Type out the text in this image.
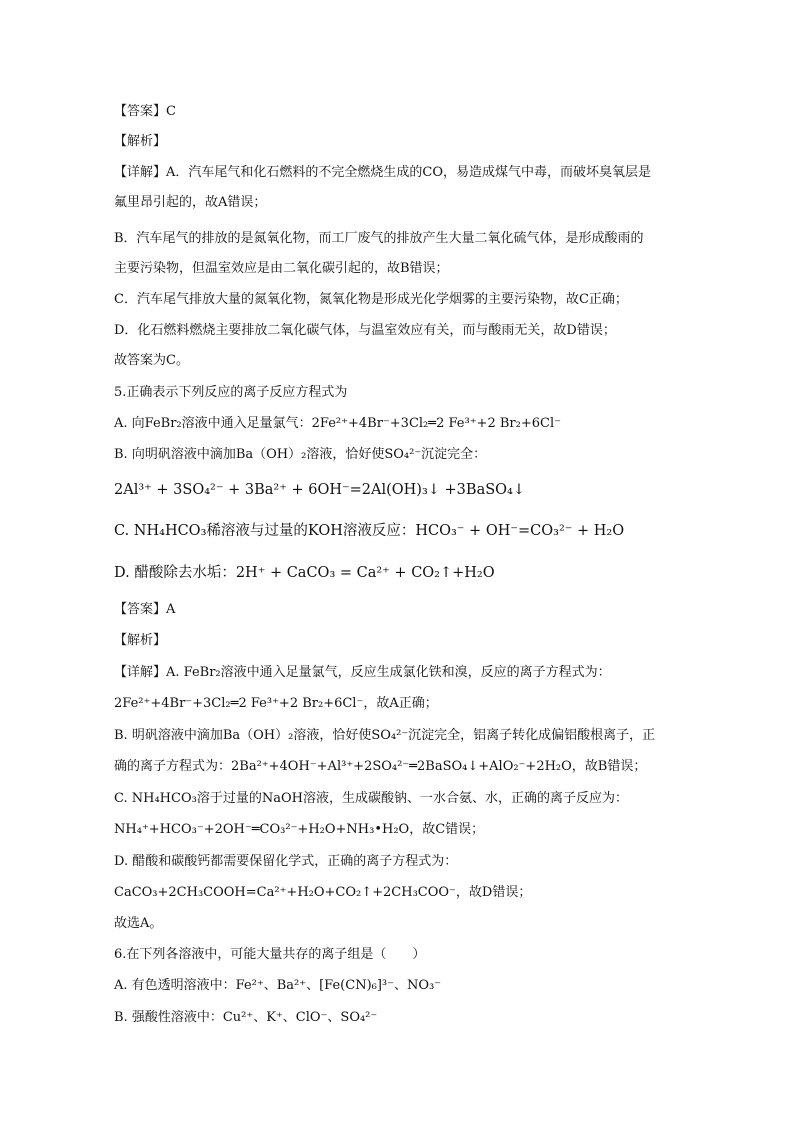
【答案】C
【解析】
【详解】A．汽车尾气和化石燃料的不完全燃烧生成的CO，易造成煤气中毒，而破坏臭氧层是
氟里昂引起的，故A错误；
B．汽车尾气的排放的是氮氧化物，而工厂废气的排放产生大量二氧化硫气体，是形成酸雨的
主要污染物，但温室效应是由二氧化碳引起的，故B错误；
C．汽车尾气排放大量的氮氧化物，氮氧化物是形成光化学烟雾的主要污染物，故C正确；
D．化石燃料燃烧主要排放二氧化碳气体，与温室效应有关，而与酸雨无关，故D错误；
故答案为C。
5.正确表示下列反应的离子反应方程式为
A. 向FeBr₂溶液中通入足量氯气：2Fe²⁺+4Br⁻+3Cl₂═2 Fe³⁺+2 Br₂+6Cl⁻
B. 向明矾溶液中滴加Ba（OH）₂溶液，恰好使SO₄²⁻沉淀完全：
2Al³⁺ + 3SO₄²⁻ + 3Ba²⁺ + 6OH⁻=2Al(OH)₃↓ +3BaSO₄↓
C. NH₄HCO₃稀溶液与过量的KOH溶液反应：HCO₃⁻ + OH⁻=CO₃²⁻ + H₂O
D. 醋酸除去水垢：2H⁺ + CaCO₃ = Ca²⁺ + CO₂↑+H₂O
【答案】A
【解析】
【详解】A. FeBr₂溶液中通入足量氯气，反应生成氯化铁和溴，反应的离子方程式为：
2Fe²⁺+4Br⁻+3Cl₂═2 Fe³⁺+2 Br₂+6Cl⁻，故A正确；
B. 明矾溶液中滴加Ba（OH）₂溶液，恰好使SO₄²⁻沉淀完全，铝离子转化成偏铝酸根离子，正
确的离子方程式为：2Ba²⁺+4OH⁻+Al³⁺+2SO₄²⁻═2BaSO₄↓+AlO₂⁻+2H₂O，故B错误；
C. NH₄HCO₃溶于过量的NaOH溶液，生成碳酸钠、一水合氨、水，正确的离子反应为：
NH₄⁺+HCO₃⁻+2OH⁻═CO₃²⁻+H₂O+NH₃•H₂O，故C错误；
D. 醋酸和碳酸钙都需要保留化学式，正确的离子方程式为：
CaCO₃+2CH₃COOH=Ca²⁺+H₂O+CO₂↑+2CH₃COO⁻，故D错误；
故选A。
6.在下列各溶液中，可能大量共存的离子组是（　　）
A. 有色透明溶液中：Fe²⁺、Ba²⁺、[Fe(CN)₆]³⁻、NO₃⁻
B. 强酸性溶液中：Cu²⁺、K⁺、ClO⁻、SO₄²⁻
